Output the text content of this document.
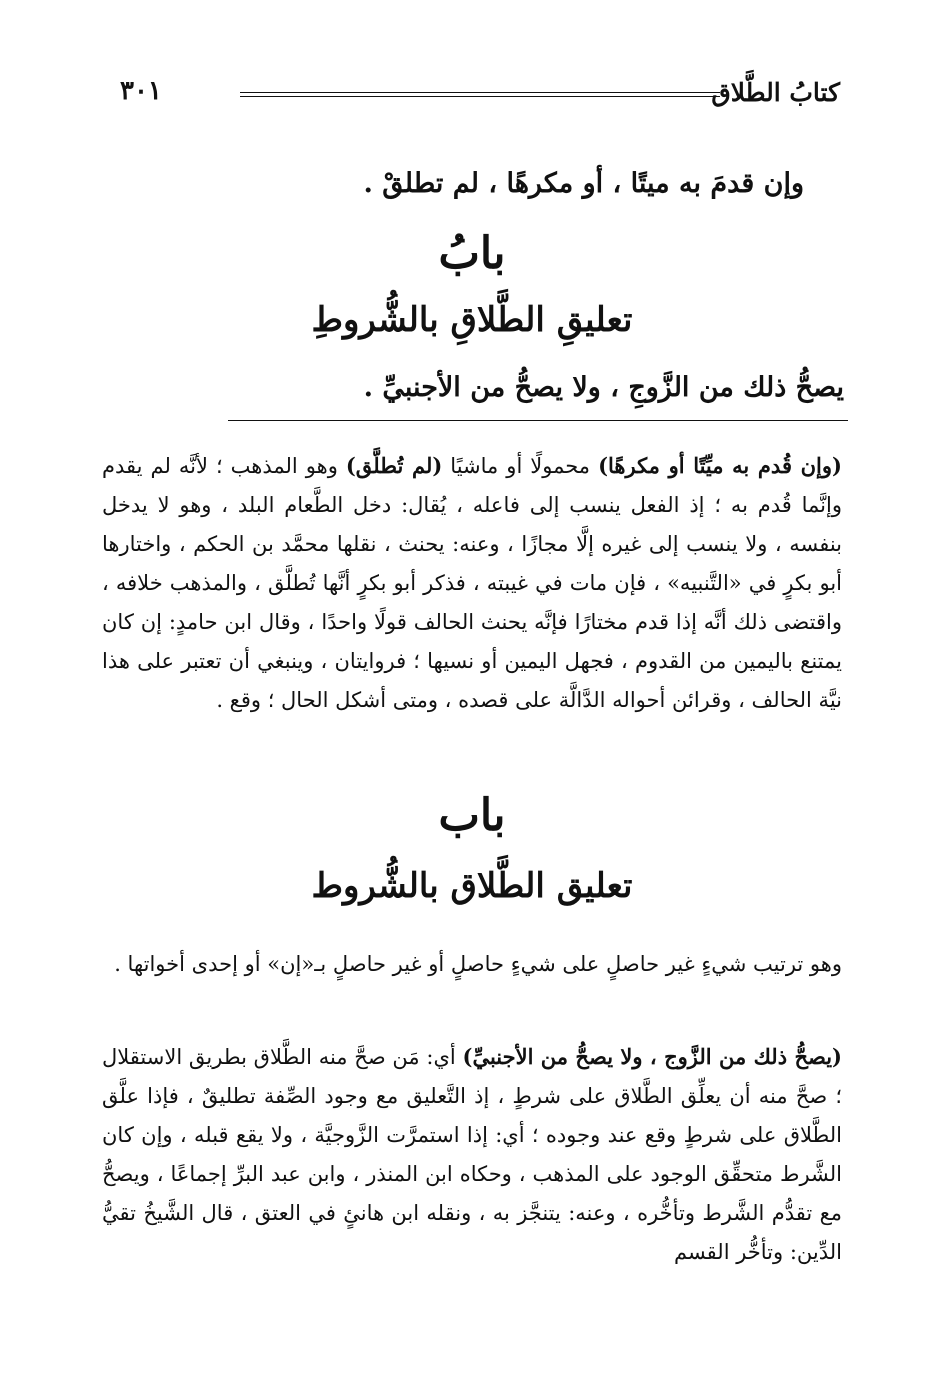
كتابُ الطَّلاق
٣٠١
وإن قدمَ به ميتًا ، أو مكرهًا ، لم تطلقْ .
بابُ
تعليقِ الطَّلاقِ بالشُّروطِ
يصحُّ ذلك من الزَّوجِ ، ولا يصحُّ من الأجنبيِّ .
(وإن قُدم به ميِّتًا أو مكرهًا) محمولًا أو ماشيًا (لم تُطلَّق) وهو المذهب ؛ لأنَّه لم يقدم وإنَّما قُدم به ؛ إذ الفعل ينسب إلى فاعله ، يُقال: دخل الطَّعام البلد ، وهو لا يدخل بنفسه ، ولا ينسب إلى غيره إلَّا مجازًا ، وعنه: يحنث ، نقلها محمَّد بن الحكم ، واختارها أبو بكرٍ في «التَّنبيه» ، فإن مات في غيبته ، فذكر أبو بكرٍ أنَّها تُطلَّق ، والمذهب خلافه ، واقتضى ذلك أنَّه إذا قدم مختارًا فإنَّه يحنث الحالف قولًا واحدًا ، وقال ابن حامدٍ: إن كان يمتنع باليمين من القدوم ، فجهل اليمين أو نسيها ؛ فروايتان ، وينبغي أن تعتبر على هذا نيَّة الحالف ، وقرائن أحواله الدَّالَّة على قصده ، ومتى أشكل الحال ؛ وقع .
باب
تعليق الطَّلاق بالشُّروط
وهو ترتيب شيءٍ غير حاصلٍ على شيءٍ حاصلٍ أو غير حاصلٍ بـ«إن» أو إحدى أخواتها .
(يصحُّ ذلك من الزَّوج ، ولا يصحُّ من الأجنبيِّ) أي: مَن صحَّ منه الطَّلاق بطريق الاستقلال ؛ صحَّ منه أن يعلِّق الطَّلاق على شرطٍ ، إذ التَّعليق مع وجود الصِّفة تطليقٌ ، فإذا علَّق الطَّلاق على شرطٍ وقع عند وجوده ؛ أي: إذا استمرَّت الزَّوجيَّة ، ولا يقع قبله ، وإن كان الشَّرط متحقِّق الوجود على المذهب ، وحكاه ابن المنذر ، وابن عبد البرِّ إجماعًا ، ويصحُّ مع تقدُّم الشَّرط وتأخُّره ، وعنه: يتنجَّز به ، ونقله ابن هانئٍ في العتق ، قال الشَّيخُ تقيُّ الدِّين: وتأخُّر القسم
